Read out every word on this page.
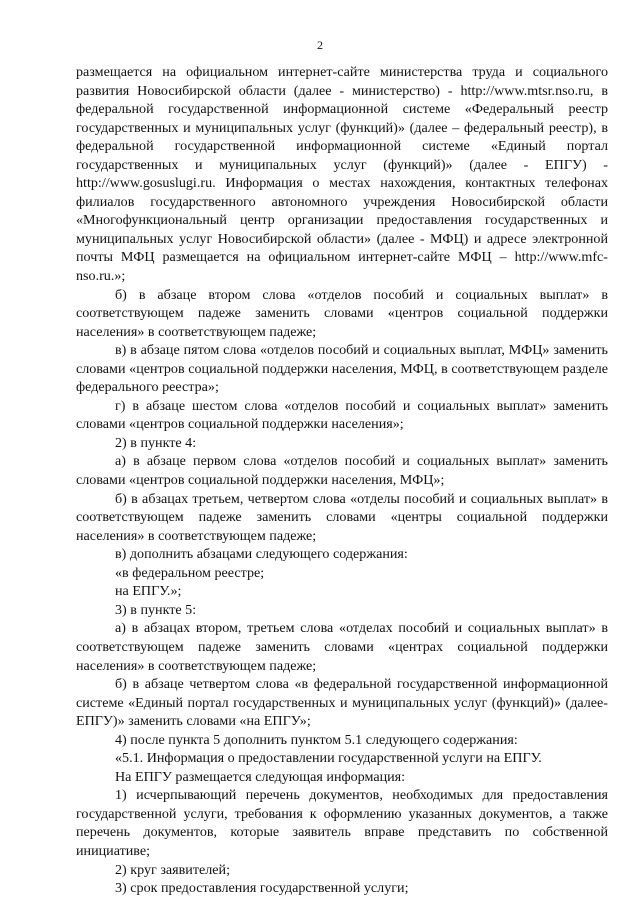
2

размещается на официальном интернет-сайте министерства труда и социального развития Новосибирской области (далее - министерство) - http://www.mtsr.nso.ru, в федеральной государственной информационной системе «Федеральный реестр государственных и муниципальных услуг (функций)» (далее – федеральный реестр), в федеральной государственной информационной системе «Единый портал государственных и муниципальных услуг (функций)» (далее - ЕПГУ) - http://www.gosuslugi.ru. Информация о местах нахождения, контактных телефонах филиалов государственного автономного учреждения Новосибирской области «Многофункциональный центр организации предоставления государственных и муниципальных услуг Новосибирской области» (далее - МФЦ) и адресе электронной почты МФЦ размещается на официальном интернет-сайте МФЦ – http://www.mfc-nso.ru.»;

б) в абзаце втором слова «отделов пособий и социальных выплат» в соответствующем падеже заменить словами «центров социальной поддержки населения» в соответствующем падеже;

в) в абзаце пятом слова «отделов пособий и социальных выплат, МФЦ» заменить словами «центров социальной поддержки населения, МФЦ, в соответствующем разделе федерального реестра»;

г) в абзаце шестом слова «отделов пособий и социальных выплат» заменить словами «центров социальной поддержки населения»;

2) в пункте 4:

а) в абзаце первом слова «отделов пособий и социальных выплат» заменить словами «центров социальной поддержки населения, МФЦ»;

б) в абзацах третьем, четвертом слова «отделы пособий и социальных выплат» в соответствующем падеже заменить словами «центры социальной поддержки населения» в соответствующем падеже;

в) дополнить абзацами следующего содержания:

«в федеральном реестре;

на ЕПГУ.»;

3) в пункте 5:

а) в абзацах втором, третьем слова «отделах пособий и социальных выплат» в соответствующем падеже заменить словами «центрах социальной поддержки населения» в соответствующем падеже;

б) в абзаце четвертом слова «в федеральной государственной информационной системе «Единый портал государственных и муниципальных услуг (функций)» (далее-ЕПГУ)» заменить словами «на ЕПГУ»;

4) после пункта 5 дополнить пунктом 5.1 следующего содержания:

«5.1. Информация о предоставлении государственной услуги на ЕПГУ.

На ЕПГУ размещается следующая информация:

1) исчерпывающий перечень документов, необходимых для предоставления государственной услуги, требования к оформлению указанных документов, а также перечень документов, которые заявитель вправе представить по собственной инициативе;

2) круг заявителей;

3) срок предоставления государственной услуги;
